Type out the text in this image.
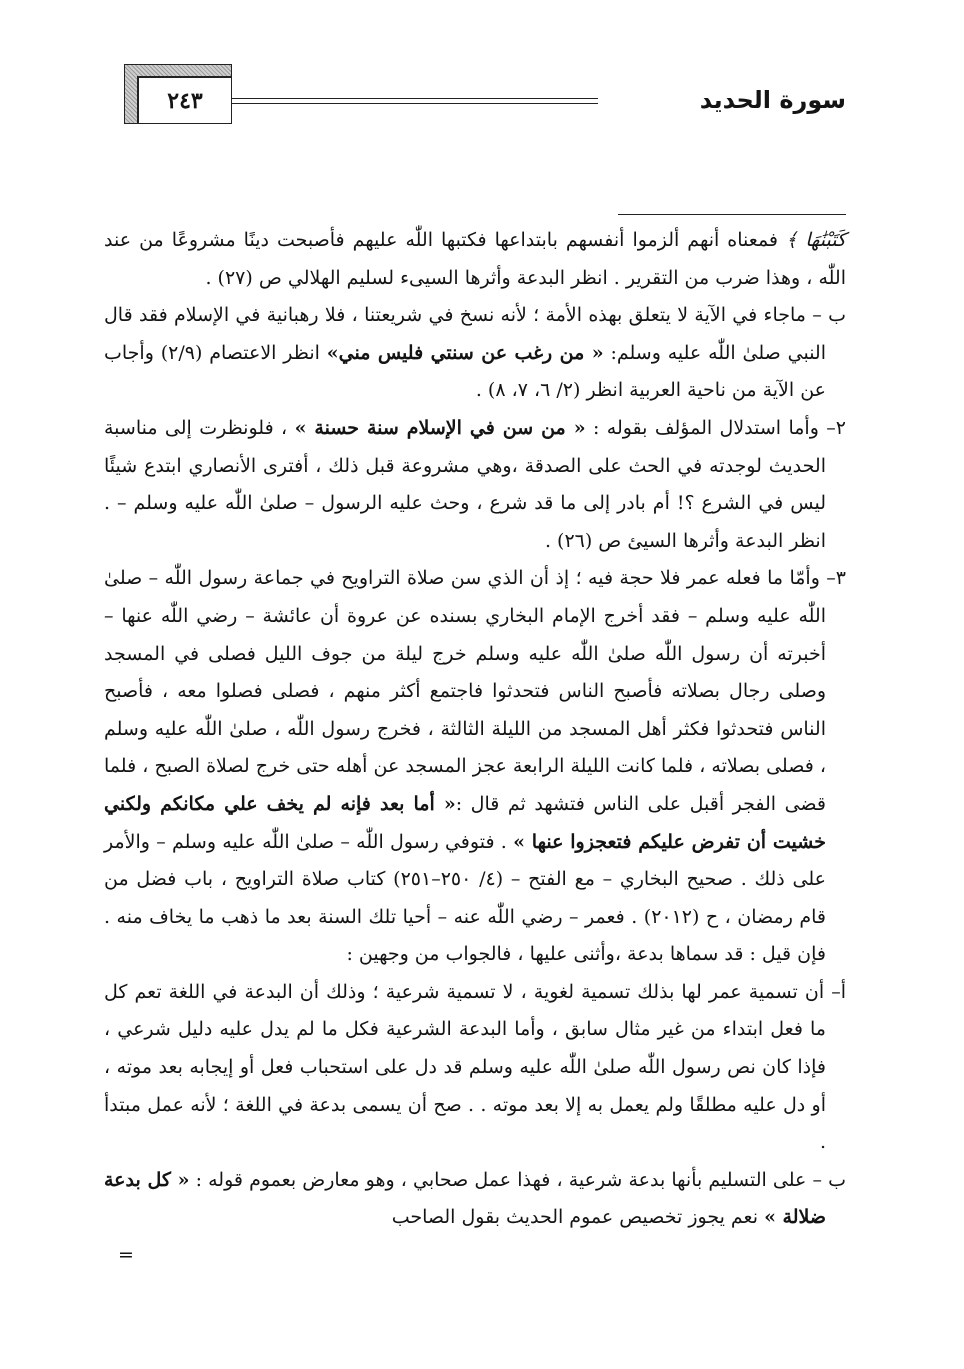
سورة الحديد
٢٤٣

كَتَبْنَٰهَا ﴾ فمعناه أنهم ألزموا أنفسهم بابتداعها فكتبها اللّٰه عليهم فأصبحت دينًا مشروعًا من عند اللّٰه ، وهذا ضرب من التقرير . انظر البدعة وأثرها السيىء لسليم الهلالي ص (٢٧) .

ب – ماجاء في الآية لا يتعلق بهذه الأمة ؛ لأنه نسخ في شريعتنا ، فلا رهبانية في الإسلام فقد قال النبي صلىٰ اللّٰه عليه وسلم: « من رغب عن سنتي فليس مني» انظر الاعتصام (٢/٩) وأجاب عن الآية من ناحية العربية انظر (٢/ ٦، ٧، ٨) .

٢– وأما استدلال المؤلف بقوله : « من سن في الإسلام سنة حسنة » ، فلونظرت إلى مناسبة الحديث لوجدته في الحث على الصدقة ،وهي مشروعة قبل ذلك ، أفترى الأنصاري ابتدع شيئًا ليس في الشرع ؟! أم بادر إلى ما قد شرع ، وحث عليه الرسول – صلىٰ اللّٰه عليه وسلم – . انظر البدعة وأثرها السيئ ص (٢٦) .

٣– وأمّا ما فعله عمر فلا حجة فيه ؛ إذ أن الذي سن صلاة التراويح في جماعة رسول اللّٰه – صلىٰ اللّٰه عليه وسلم – فقد أخرج الإمام البخاري بسنده عن عروة أن عائشة – رضي اللّٰه عنها – أخبرته أن رسول اللّٰه صلىٰ اللّٰه عليه وسلم خرج ليلة من جوف الليل فصلى في المسجد وصلى رجال بصلاته فأصبح الناس فتحدثوا فاجتمع أكثر منهم ، فصلى فصلوا معه ، فأصبح الناس فتحدثوا فكثر أهل المسجد من الليلة الثالثة ، فخرج رسول اللّٰه ، صلىٰ اللّٰه عليه وسلم ، فصلى بصلاته ، فلما كانت الليلة الرابعة عجز المسجد عن أهله حتى خرج لصلاة الصبح ، فلما قضى الفجر أقبل على الناس فتشهد ثم قال :« أما بعد فإنه لم يخف علي مكانكم ولكني خشيت أن تفرض عليكم فتعجزوا عنها » . فتوفي رسول اللّٰه – صلىٰ اللّٰه عليه وسلم – والأمر على ذلك . صحيح البخاري – مع الفتح – (٤/ ٢٥٠–٢٥١) كتاب صلاة التراويح ، باب فضل من قام رمضان ، ح (٢٠١٢) . فعمر – رضي اللّٰه عنه – أحيا تلك السنة بعد ما ذهب ما يخاف منه . فإن قيل : قد سماها بدعة ،وأثنى عليها ، فالجواب من وجهين :

أ– أن تسمية عمر لها بذلك تسمية لغوية ، لا تسمية شرعية ؛ وذلك أن البدعة في اللغة تعم كل ما فعل ابتداء من غير مثال سابق ، وأما البدعة الشرعية فكل ما لم يدل عليه دليل شرعي ، فإذا كان نص رسول اللّٰه صلىٰ اللّٰه عليه وسلم قد دل على استحباب فعل أو إيجابه بعد موته ، أو دل عليه مطلقًا ولم يعمل به إلا بعد موته . . صح أن يسمى بدعة في اللغة ؛ لأنه عمل مبتدأ .

ب – على التسليم بأنها بدعة شرعية ، فهذا عمل صحابي ، وهو معارض بعموم قوله : « كل بدعة ضلالة » نعم يجوز تخصيص عموم الحديث بقول الصاحب

=
